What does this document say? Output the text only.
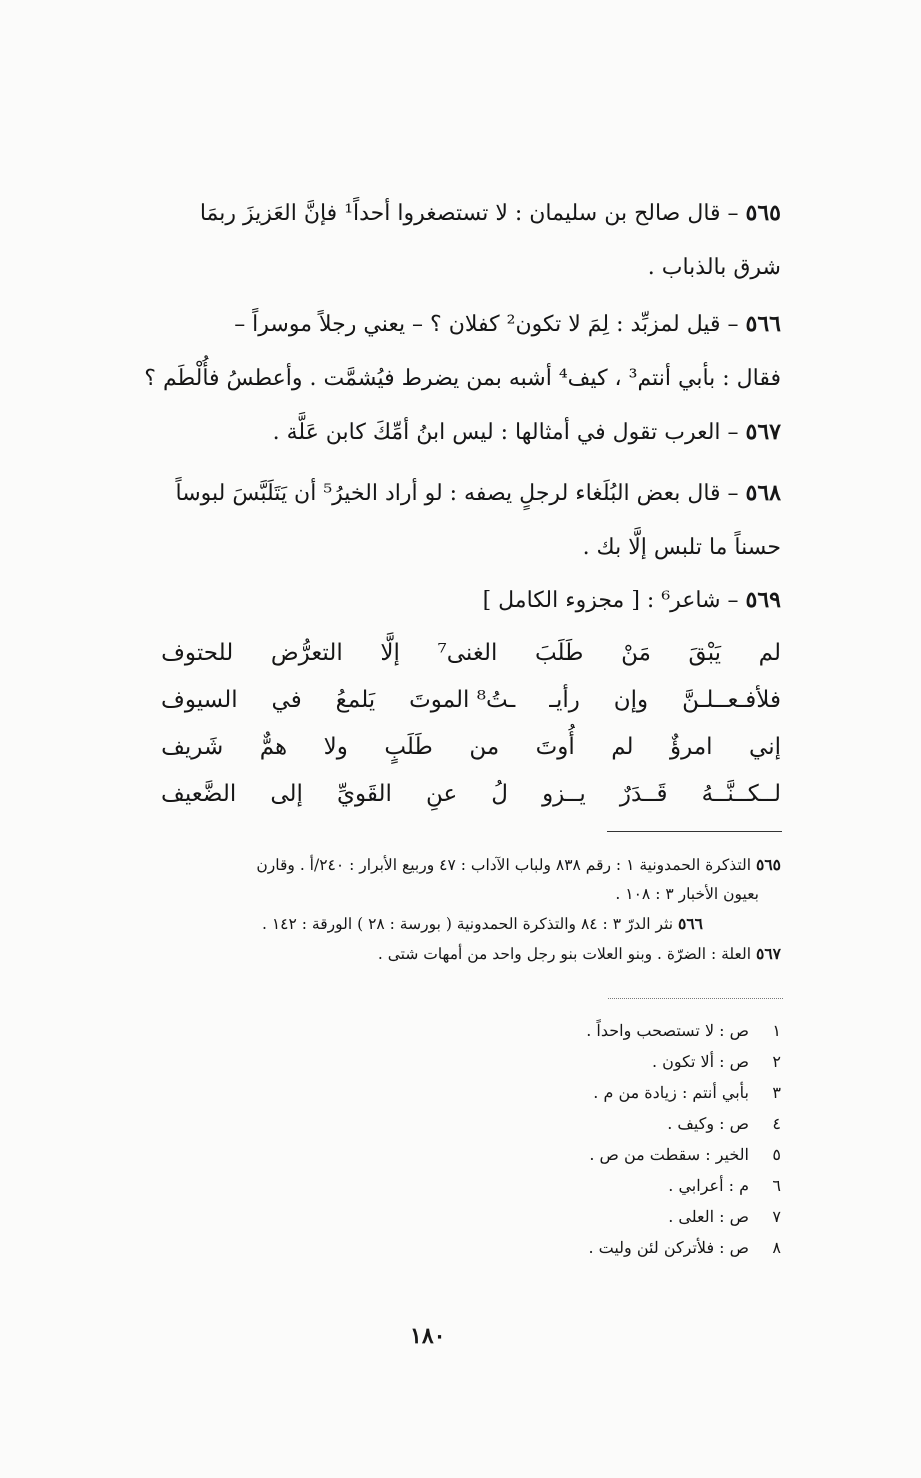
٥٦٥ – قال صالح بن سليمان : لا تستصغروا أحداً¹ فإنَّ العَزيزَ ربمَا
شرق بالذباب .
٥٦٦ – قيل لمزبِّد : لِمَ لا تكون² كفلان ؟ – يعني رجلاً موسراً –
فقال : بأبي أنتم³ ، كيف⁴ أشبه بمن يضرط فيُشمَّت . وأعطسُ فأُلْطَم ؟
٥٦٧ – العرب تقول في أمثالها : ليس ابنُ أمِّكَ كابن عَلَّة .
٥٦٨ – قال بعض البُلَغاء لرجلٍ يصفه : لو أراد الخيرُ⁵ أن يَتَلَبَّسَ لبوساً
حسناً ما تلبس إلَّا بك .
٥٦٩ – شاعر⁶ : [ مجزوء الكامل ]
لم
يَبْقَ
مَنْ
طَلَبَ
الغنى⁷
إلَّا
التعرُّض
للحتوف
فلأفـعــلـنَّ
وإن
رأيـ
ـتُ⁸ الموتَ
يَلمعُ
في
السيوف
إني
امرؤٌ
لم
أُوتَ
من
طَلَبٍ
ولا
همٌّ
شَريف
لــكــنَّــهُ
قَــدَرٌ
يــزو
لُ
عنِ
القَويِّ
إلى
الضَّعيف
٥٦٥ التذكرة الحمدونية ١ : رقم ٨٣٨ ولباب الآداب : ٤٧ وربيع الأبرار : ٢٤٠/أ . وقارن
بعيون الأخبار ٣ : ١٠٨ .
٥٦٦ نثر الدرّ ٣ : ٨٤ والتذكرة الحمدونية ( بورسة : ٢٨ ) الورقة : ١٤٢ .
٥٦٧ العلة : الضرّة . وبنو العلات بنو رجل واحد من أمهات شتى .
١ص : لا تستصحب واحداً .
٢ص : ألا تكون .
٣بأبي أنتم : زيادة من م .
٤ص : وكيف .
٥الخير : سقطت من ص .
٦م : أعرابي .
٧ص : العلى .
٨ص : فلأتركن لئن وليت .
١٨٠
